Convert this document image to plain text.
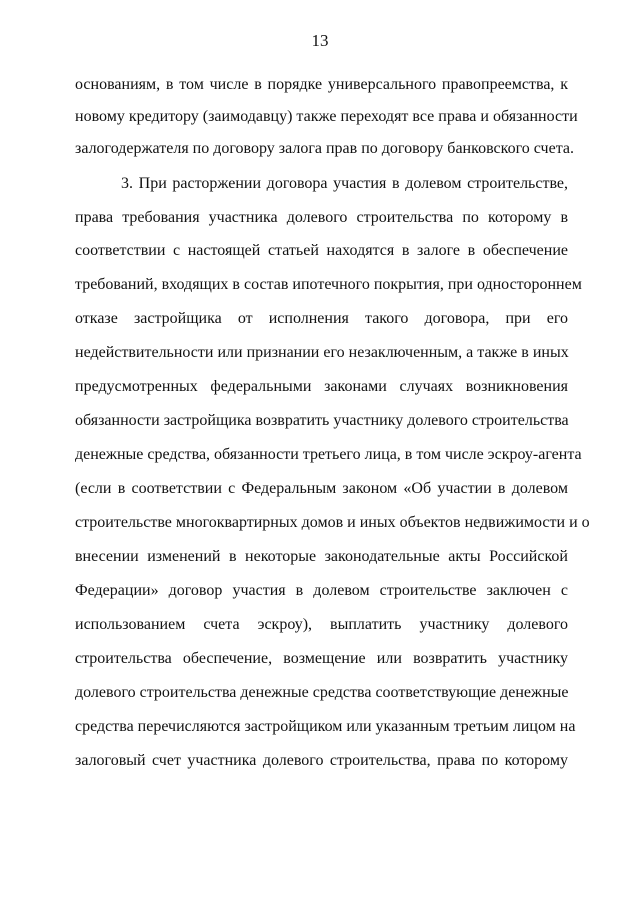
13
основаниям, в том числе в порядке универсального правопреемства, к
новому кредитору (заимодавцу) также переходят все права и обязанности
залогодержателя по договору залога прав по договору банковского счета.
3. При расторжении договора участия в долевом строительстве,
права требования участника долевого строительства по которому в
соответствии с настоящей статьей находятся в залоге в обеспечение
требований, входящих в состав ипотечного покрытия, при одностороннем
отказе застройщика от исполнения такого договора, при его
недействительности или признании его незаключенным, а также в иных
предусмотренных федеральными законами случаях возникновения
обязанности застройщика возвратить участнику долевого строительства
денежные средства, обязанности третьего лица, в том числе эскроу-агента
(если в соответствии с Федеральным законом «Об участии в долевом
строительстве многоквартирных домов и иных объектов недвижимости и о
внесении изменений в некоторые законодательные акты Российской
Федерации» договор участия в долевом строительстве заключен с
использованием счета эскроу), выплатить участнику долевого
строительства обеспечение, возмещение или возвратить участнику
долевого строительства денежные средства соответствующие денежные
средства перечисляются застройщиком или указанным третьим лицом на
залоговый счет участника долевого строительства, права по которому
